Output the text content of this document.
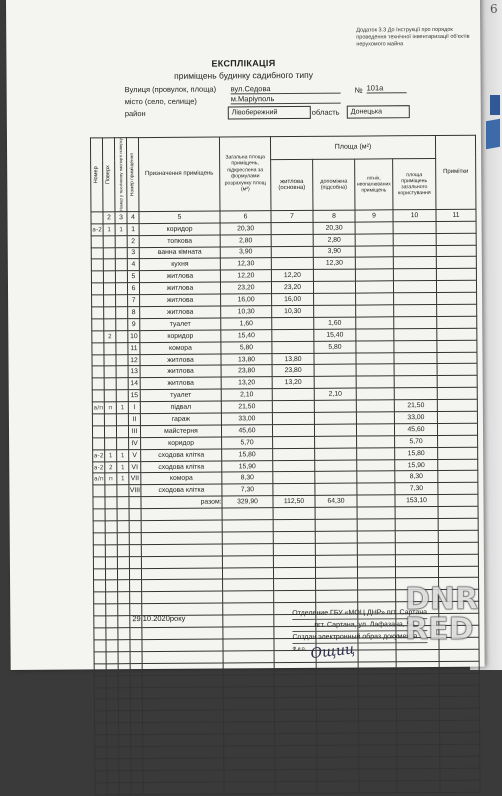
6
Додаток 3.3 До Інструкції про порядок проведення технічної інвентаризації об'єктів нерухомого майна
ЕКСПЛІКАЦІЯ
приміщень будинку садибного типу
Вулиця (провулок, площа) вул.Седова	№ 101а
місто (село, селище)	м.Маріуполь
район	Лівобережний	область	Донецька
Номер	Поверх	Номер у технічному паспорті поверху	Номер приміщення	Призначення приміщень	Загальна площа приміщень, підкреслена за формулами розрахунку площ (м²)	Площа (м²)				Примітки
						житлова (основна)	допоміжна (підсобна)	літніх, неопалюваних приміщень	площа приміщень загального користування	
	2	3	4	5	6	7	8	9	10	11
а-2	1	1	1	коридор	20,30		20,30			
			2	топкова	2,80		2,80			
			3	ванна кімната	3,90		3,90			
			4	кухня	12,30		12,30			
			5	житлова	12,20	12,20				
			6	житлова	23,20	23,20				
			7	житлова	16,00	16,00				
			8	житлова	10,30	10,30				
			9	туалет	1,60		1,60			
	2		10	коридор	15,40		15,40			
			11	комора	5,80		5,80			
			12	житлова	13,80	13,80				
			13	житлова	23,80	23,80				
			14	житлова	13,20	13,20				
			15	туалет	2,10		2,10			
а/п	п	1	I	підвал	21,50				21,50	
			II	гараж	33,00				33,00	
			III	майстерня	45,60				45,60	
			IV	коридор	5,70				5,70	
а-2	1	1	V	сходова клітка	15,80				15,80	
а-2	2	1	VI	сходова клітка	15,90				15,90	
а/п	п	1	VII	комора	8,30				8,30	
			VIII	сходова клітка	7,30				7,30	
				разом:	329,90	112,50	64,30		153,10	

29.10.2020року
Отделение ГБУ «МОЦ ДНР» пгт. Сартана
пгт. Сартана, ул. Лафазана, 54
Создан электронный образ документа
Ф.и.о. Ощиц
DNR
RED
